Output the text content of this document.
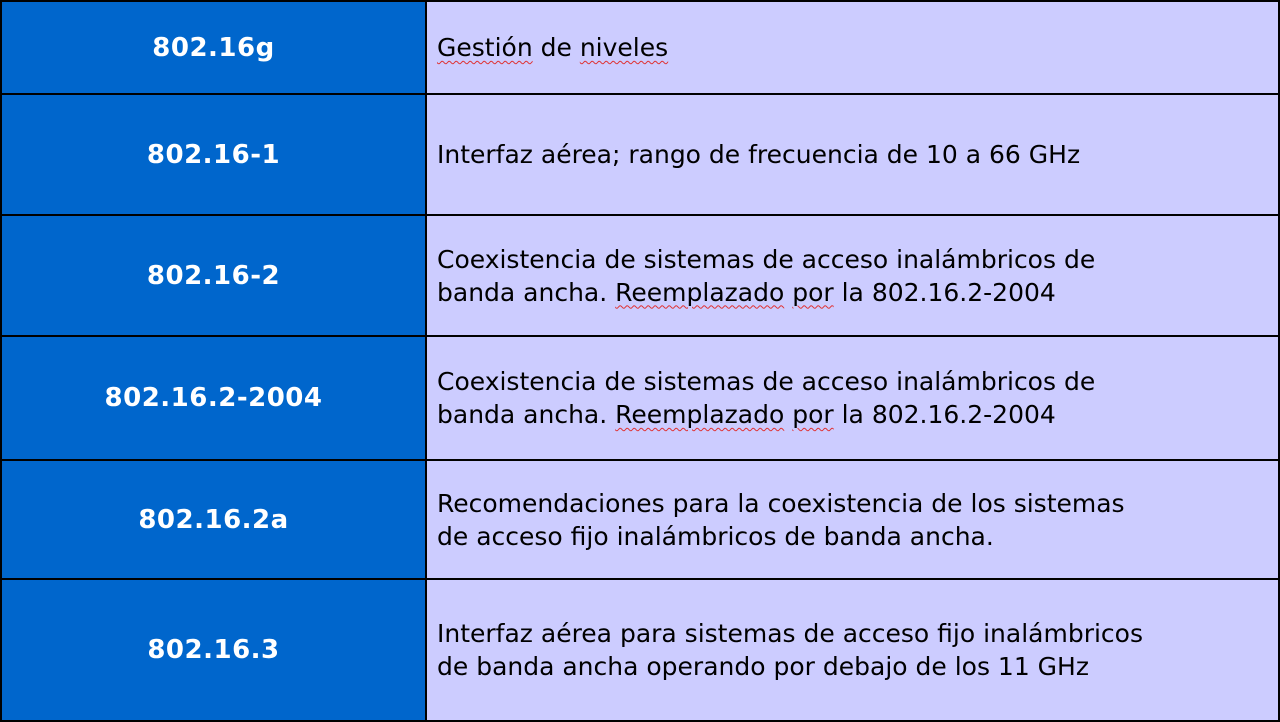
802.16g	Gestión de niveles
802.16-1	Interfaz aérea; rango de frecuencia de 10 a 66 GHz
802.16-2	Coexistencia de sistemas de acceso inalámbricos de
banda ancha. Reemplazado por la 802.16.2-2004
802.16.2-2004	Coexistencia de sistemas de acceso inalámbricos de
banda ancha. Reemplazado por la 802.16.2-2004
802.16.2a	Recomendaciones para la coexistencia de los sistemas
de acceso fijo inalámbricos de banda ancha.
802.16.3	Interfaz aérea para sistemas de acceso fijo inalámbricos
de banda ancha operando por debajo de los 11 GHz
